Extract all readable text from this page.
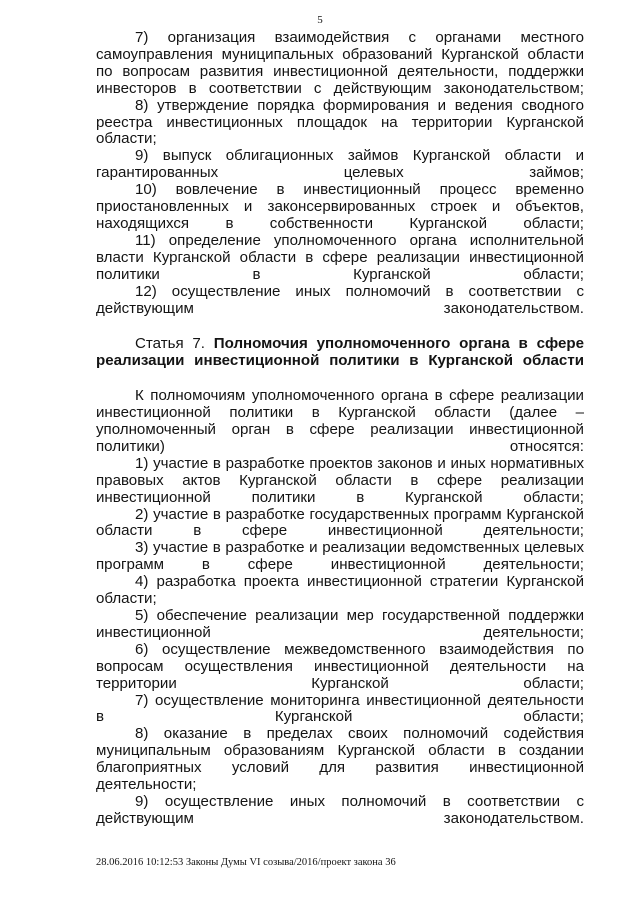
5

7) организация взаимодействия с органами местного
самоуправления муниципальных образований Курганской области
по вопросам развития инвестиционной деятельности, поддержки
инвесторов в соответствии с действующим законодательством;

8) утверждение порядка формирования и ведения сводного
реестра инвестиционных площадок на территории Курганской
области;

9) выпуск облигационных займов Курганской области и
гарантированных целевых займов;

10) вовлечение в инвестиционный процесс временно
приостановленных и законсервированных строек и объектов,
находящихся в собственности Курганской области;

11) определение уполномоченного органа исполнительной
власти Курганской области в сфере реализации инвестиционной
политики в Курганской области;

12) осуществление иных полномочий в соответствии с
действующим законодательством.

Статья 7. Полномочия уполномоченного органа в сфере
реализации инвестиционной политики в Курганской области

К полномочиям уполномоченного органа в сфере реализации
инвестиционной политики в Курганской области (далее –
уполномоченный орган в сфере реализации инвестиционной
политики) относятся:

1) участие в разработке проектов законов и иных нормативных
правовых актов Курганской области в сфере реализации
инвестиционной политики в Курганской области;

2) участие в разработке государственных программ Курганской
области в сфере инвестиционной деятельности;

3) участие в разработке и реализации ведомственных целевых
программ в сфере инвестиционной деятельности;

4) разработка проекта инвестиционной стратегии Курганской
области;

5) обеспечение реализации мер государственной поддержки
инвестиционной деятельности;

6) осуществление межведомственного взаимодействия по
вопросам осуществления инвестиционной деятельности на
территории Курганской области;

7) осуществление мониторинга инвестиционной деятельности
в Курганской области;

8) оказание в пределах своих полномочий содействия
муниципальным образованиям Курганской области в создании
благоприятных условий для развития инвестиционной деятельности;

9) осуществление иных полномочий в соответствии с
действующим законодательством.

28.06.2016 10:12:53 Законы Думы VI созыва/2016/проект закона 36
